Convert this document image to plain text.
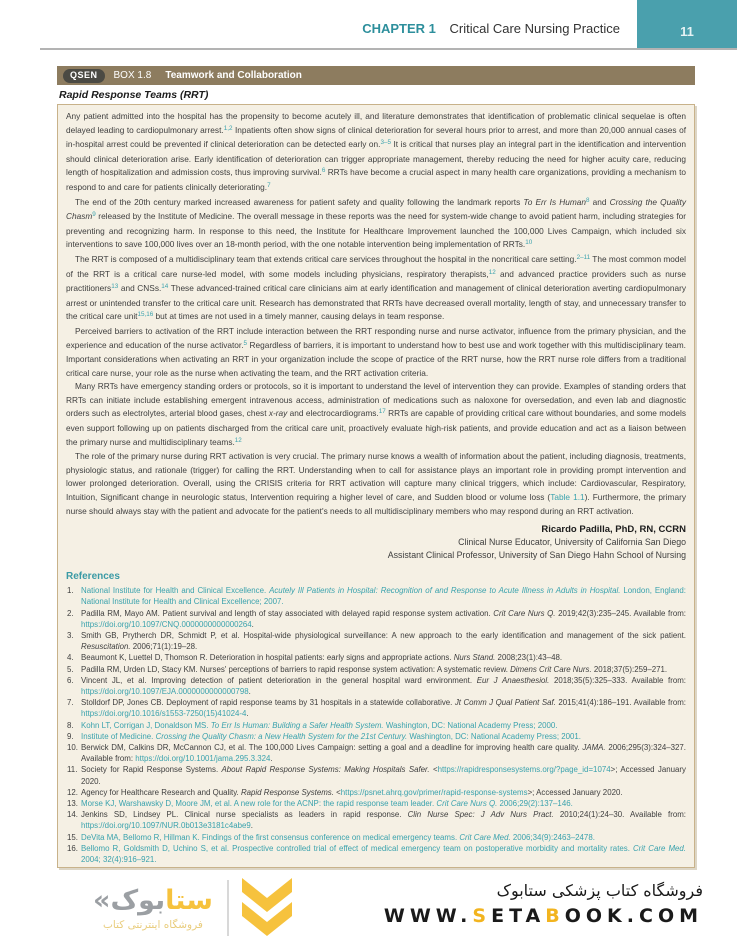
CHAPTER 1 Critical Care Nursing Practice	11
QSEN	BOX 1.8 Teamwork and Collaboration
Rapid Response Teams (RRT)

Any patient admitted into the hospital has the propensity to become acutely ill, and literature demonstrates that identification of problematic clinical sequelae is often delayed leading to cardiopulmonary arrest.$^{1,2}$ Inpatients often show signs of clinical deterioration for several hours prior to arrest, and more than 20,000 annual cases of in-hospital arrest could be prevented if clinical deterioration can be detected early on.$^{3-5}$ It is critical that nurses play an integral part in the identification and intervention should clinical deterioration arise. Early identification of deterioration can trigger appropriate management, thereby reducing the need for higher acuity care, reducing length of hospitalization and admission costs, thus improving survival.$^6$ RRTs have become a crucial aspect in many health care organizations, providing a mechanism to respond to and care for patients clinically deteriorating.$^7$

The end of the 20th century marked increased awareness for patient safety and quality following the landmark reports To Err Is Human$^8$ and Crossing the Quality Chasm$^9$ released by the Institute of Medicine. The overall message in these reports was the need for system-wide change to avoid patient harm, including strategies for preventing and recognizing harm. In response to this need, the Institute for Healthcare Improvement launched the 100,000 Lives Campaign, which included six interventions to save 100,000 lives over an 18-month period, with the one notable intervention being implementation of RRTs.$^{10}$

The RRT is composed of a multidisciplinary team that extends critical care services throughout the hospital in the noncritical care setting.$^{2-11}$ The most common model of the RRT is a critical care nurse-led model, with some models including physicians, respiratory therapists,$^{12}$ and advanced practice providers such as nurse practitioners$^{13}$ and CNSs.$^{14}$ These advanced-trained critical care clinicians aim at early identification and management of clinical deterioration averting cardiopulmonary arrest or unintended transfer to the critical care unit. Research has demonstrated that RRTs have decreased overall mortality, length of stay, and unnecessary transfer to the critical care unit$^{15,16}$ but at times are not used in a timely manner, causing delays in team response.

Perceived barriers to activation of the RRT include interaction between the RRT responding nurse and nurse activator, influence from the primary physician, and the experience and education of the nurse activator.$^5$ Regardless of barriers, it is important to understand how to best use and work together with this multidisciplinary team. Important considerations when activating an RRT in your organization include the scope of practice of the RRT nurse, how the RRT nurse role differs from a traditional critical care nurse, your role as the nurse when activating the team, and the RRT activation criteria.

Many RRTs have emergency standing orders or protocols, so it is important to understand the level of intervention they can provide. Examples of standing orders that RRTs can initiate include establishing emergent intravenous access, administration of medications such as naloxone for oversedation, and even lab and diagnostic orders such as electrolytes, arterial blood gases, chest x-ray and electrocardiograms.$^{17}$ RRTs are capable of providing critical care without boundaries, and some models even support following up on patients discharged from the critical care unit, proactively evaluate high-risk patients, and provide education and act as a liaison between the primary nurse and multidisciplinary teams.$^{12}$

The role of the primary nurse during RRT activation is very crucial. The primary nurse knows a wealth of information about the patient, including diagnosis, treatments, physiologic status, and rationale (trigger) for calling the RRT. Understanding when to call for assistance plays an important role in providing prompt intervention and lower prolonged deterioration. Overall, using the CRISIS criteria for RRT activation will capture many clinical triggers, which include: Cardiovascular, Respiratory, Intuition, Significant change in neurologic status, Intervention requiring a higher level of care, and Sudden blood or volume loss (Table 1.1). Furthermore, the primary nurse should always stay with the patient and advocate for the patient's needs to all multidisciplinary members who may respond during an RRT activation.

Ricardo Padilla, PhD, RN, CCRN
Clinical Nurse Educator, University of California San Diego
Assistant Clinical Professor, University of San Diego Hahn School of Nursing
References
1. National Institute for Health and Clinical Excellence. Acutely Ill Patients in Hospital: Recognition of and Response to Acute Illness in Adults in Hospital. London, England: National Institute for Health and Clinical Excellence; 2007.
2. Padilla RM, Mayo AM. Patient survival and length of stay associated with delayed rapid response system activation. Crit Care Nurs Q. 2019;42(3):235–245. Available from: https://doi.org/10.1097/CNQ.0000000000000264.
3. Smith GB, Prytherch DR, Schmidt P, et al. Hospital-wide physiological surveillance: A new approach to the early identification and management of the sick patient. Resuscitation. 2006;71(1):19–28.
4. Beaumont K, Luettel D, Thomson R. Deterioration in hospital patients: early signs and appropriate actions. Nurs Stand. 2008;23(1):43–48.
5. Padilla RM, Urden LD, Stacy KM. Nurses' perceptions of barriers to rapid response system activation: A systematic review. Dimens Crit Care Nurs. 2018;37(5):259–271.
6. Vincent JL, et al. Improving detection of patient deterioration in the general hospital ward environment. Eur J Anaesthesiol. 2018;35(5):325–333. Available from: https://doi.org/10.1097/EJA.0000000000000798.
7. Stolldorf DP, Jones CB. Deployment of rapid response teams by 31 hospitals in a statewide collaborative. Jt Comm J Qual Patient Saf. 2015;41(4):186–191. Available from: https://doi.org/10.1016/s1553-7250(15)41024-4.
8. Kohn LT, Corrigan J, Donaldson MS. To Err Is Human: Building a Safer Health System. Washington, DC: National Academy Press; 2000.
9. Institute of Medicine. Crossing the Quality Chasm: a New Health System for the 21st Century. Washington, DC: National Academy Press; 2001.
10. Berwick DM, Calkins DR, McCannon CJ, et al. The 100,000 Lives Campaign: setting a goal and a deadline for improving health care quality. JAMA. 2006;295(3):324–327. Available from: https://doi.org/10.1001/jama.295.3.324.
11. Society for Rapid Response Systems. About Rapid Response Systems: Making Hospitals Safer. <https://rapidresponsesystems.org/?page_id=1074>; Accessed January 2020.
12. Agency for Healthcare Research and Quality. Rapid Response Systems. <https://psnet.ahrq.gov/primer/rapid-response-systems>; Accessed January 2020.
13. Morse KJ, Warshawsky D, Moore JM, et al. A new role for the ACNP: the rapid response team leader. Crit Care Nurs Q. 2006;29(2):137–146.
14. Jenkins SD, Lindsey PL. Clinical nurse specialists as leaders in rapid response. Clin Nurse Spec: J Adv Nurs Pract. 2010;24(1):24–30. Available from: https://doi.org/10.1097/NUR.0b013e3181c4abe9.
15. DeVita MA, Bellomo R, Hillman K. Findings of the first consensus conference on medical emergency teams. Crit Care Med. 2006;34(9):2463–2478.
16. Bellomo R, Goldsmith D, Uchino S, et al. Prospective controlled trial of effect of medical emergency team on postoperative morbidity and mortality rates. Crit Care Med. 2004; 32(4):916–921.
« بوک ستا
فروشگاه اینترنتی کتاب
فروشگاه کتاب پزشکی ستابوک
WWW.SETABOOK.COM
